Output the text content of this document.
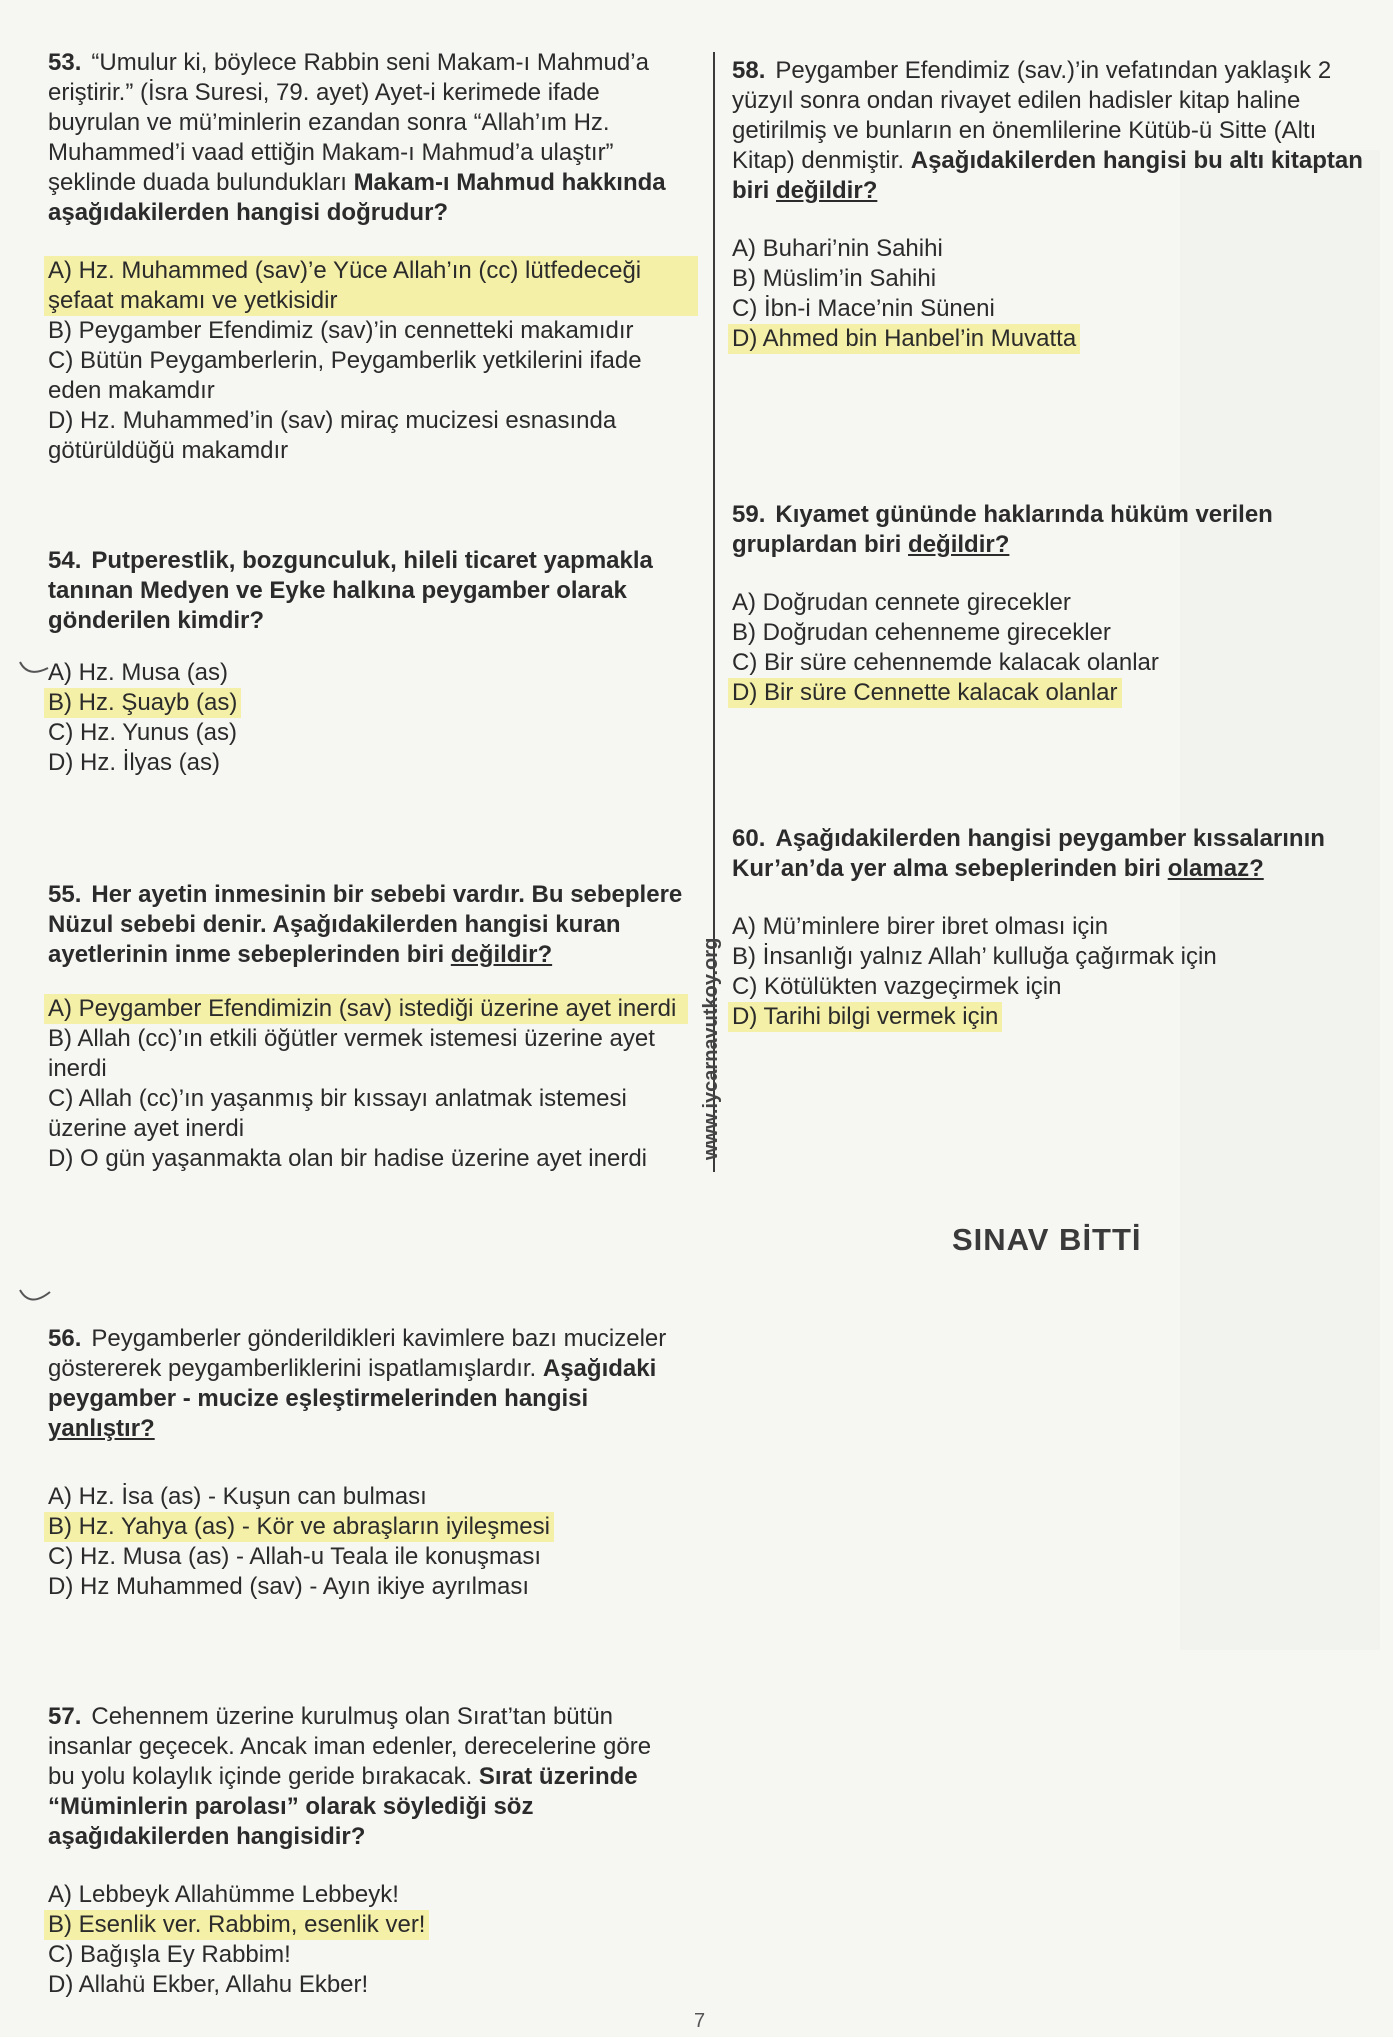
53. “Umulur ki, böylece Rabbin seni Makam-ı Mahmud’a eriştirir.” (İsra Suresi, 79. ayet) Ayet-i kerimede ifade buyrulan ve mü’minlerin ezandan sonra “Allah’ım Hz. Muhammed’i vaad ettiğin Makam-ı Mahmud’a ulaştır” şeklinde duada bulundukları Makam-ı Mahmud hakkında aşağıdakilerden hangisi doğrudur?
A) Hz. Muhammed (sav)’e Yüce Allah’ın (cc) lütfedeceği şefaat makamı ve yetkisidir
B) Peygamber Efendimiz (sav)’in cennetteki makamıdır
C) Bütün Peygamberlerin, Peygamberlik yetkilerini ifade eden makamdır
D) Hz. Muhammed’in (sav) miraç mucizesi esnasında götürüldüğü makamdır
54. Putperestlik, bozgunculuk, hileli ticaret yapmakla tanınan Medyen ve Eyke halkına peygamber olarak gönderilen kimdir?
A) Hz. Musa (as)
B) Hz. Şuayb (as)
C) Hz. Yunus (as)
D) Hz. İlyas (as)
55. Her ayetin inmesinin bir sebebi vardır. Bu sebeplere Nüzul sebebi denir. Aşağıdakilerden hangisi kuran ayetlerinin inme sebeplerinden biri değildir?
A) Peygamber Efendimizin (sav) istediği üzerine ayet inerdi
B) Allah (cc)’ın etkili öğütler vermek istemesi üzerine ayet inerdi
C) Allah (cc)’ın yaşanmış bir kıssayı anlatmak istemesi üzerine ayet inerdi
D) O gün yaşanmakta olan bir hadise üzerine ayet inerdi
56. Peygamberler gönderildikleri kavimlere bazı mucizeler göstererek peygamberliklerini ispatlamışlardır. Aşağıdaki peygamber - mucize eşleştirmelerinden hangisi yanlıştır?
A) Hz. İsa (as) - Kuşun can bulması
B) Hz. Yahya (as) - Kör ve abraşların iyileşmesi
C) Hz. Musa (as) - Allah-u Teala ile konuşması
D) Hz Muhammed (sav) - Ayın ikiye ayrılması
57. Cehennem üzerine kurulmuş olan Sırat’tan bütün insanlar geçecek. Ancak iman edenler, derecelerine göre bu yolu kolaylık içinde geride bırakacak. Sırat üzerinde “Müminlerin parolası” olarak söylediği söz aşağıdakilerden hangisidir?
A) Lebbeyk Allahümme Lebbeyk!
B) Esenlik ver. Rabbim, esenlik ver!
C) Bağışla Ey Rabbim!
D) Allahü Ekber, Allahu Ekber!
58. Peygamber Efendimiz (sav.)’in vefatından yaklaşık 2 yüzyıl sonra ondan rivayet edilen hadisler kitap haline getirilmiş ve bunların en önemlilerine Kütüb-ü Sitte (Altı Kitap) denmiştir. Aşağıdakilerden hangisi bu altı kitaptan biri değildir?
A) Buhari’nin Sahihi
B) Müslim’in Sahihi
C) İbn-i Mace’nin Süneni
D) Ahmed bin Hanbel’in Muvatta
59. Kıyamet gününde haklarında hüküm verilen gruplardan biri değildir?
A) Doğrudan cennete girecekler
B) Doğrudan cehenneme girecekler
C) Bir süre cehennemde kalacak olanlar
D) Bir süre Cennette kalacak olanlar
60. Aşağıdakilerden hangisi peygamber kıssalarının Kur’an’da yer alma sebeplerinden biri olamaz?
A) Mü’minlere birer ibret olması için
B) İnsanlığı yalnız Allah’ kulluğa çağırmak için
C) Kötülükten vazgeçirmek için
D) Tarihi bilgi vermek için
www.iycarnavutkoy.org
SINAV BİTTİ
7
